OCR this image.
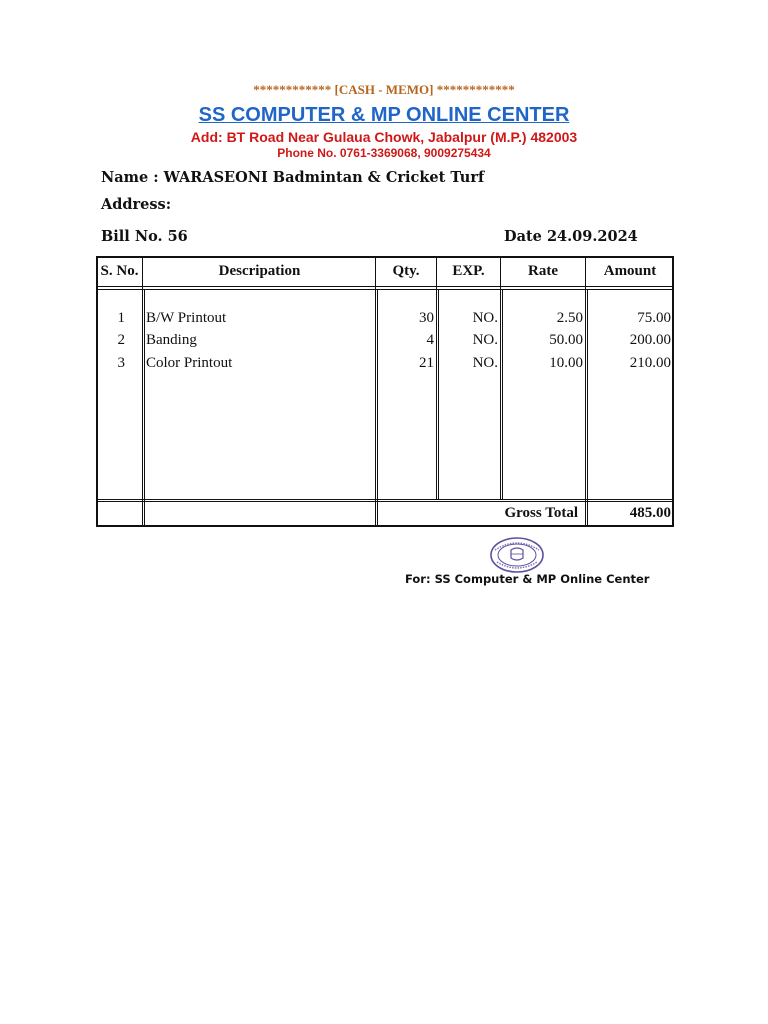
************ [CASH - MEMO] ************
SS COMPUTER & MP ONLINE CENTER
Add: BT Road Near Gulaua Chowk, Jabalpur (M.P.) 482003
Phone No. 0761-3369068, 9009275434
Name : WARASEONI Badmintan & Cricket Turf
Address:
Bill No. 56	Date 24.09.2024
S. No.	Descripation	Qty.	EXP.	Rate	Amount
1 B/W Printout	30	NO.	2.50	75.00
2 Banding	4	NO.	50.00	200.00
3 Color Printout	21	NO.	10.00	210.00
Gross Total	485.00
For: SS Computer & MP Online Center
